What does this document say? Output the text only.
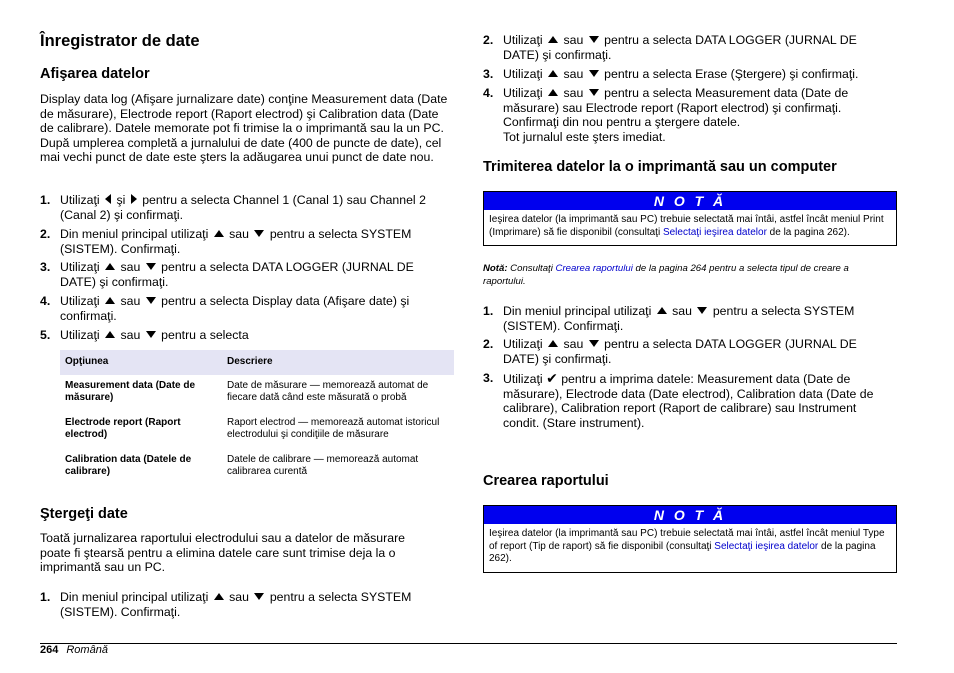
Înregistrator de date
Afişarea datelor

Display data log (Afişare jurnalizare date) conţine Measurement data (Date de măsurare), Electrode report (Raport electrod) şi Calibration data (Date de calibrare). Datele memorate pot fi trimise la o imprimantă sau la un PC. După umplerea completă a jurnalului de date (400 de puncte de date), cel mai vechi punct de date este şters la adăugarea unui punct de date nou.

1. Utilizaţi şi pentru a selecta Channel 1 (Canal 1) sau Channel 2 (Canal 2) şi confirmaţi.
2. Din meniul principal utilizaţi sau pentru a selecta SYSTEM (SISTEM). Confirmaţi.
3. Utilizaţi sau pentru a selecta DATA LOGGER (JURNAL DE DATE) şi confirmaţi.
4. Utilizaţi sau pentru a selecta Display data (Afişare date) şi confirmaţi.
5. Utilizaţi sau pentru a selecta
Opţiunea	Descriere
Measurement data (Date de măsurare)	Date de măsurare — memorează automat de fiecare dată când este măsurată o probă
Electrode report (Raport electrod)	Raport electrod — memorează automat istoricul electrodului şi condiţiile de măsurare
Calibration data (Datele de calibrare)	Datele de calibrare — memorează automat calibrarea curentă
Ştergeţi date

Toată jurnalizarea raportului electrodului sau a datelor de măsurare poate fi ştearsă pentru a elimina datele care sunt trimise deja la o imprimantă sau un PC.

1. Din meniul principal utilizaţi sau pentru a selecta SYSTEM (SISTEM). Confirmaţi.
2. Utilizaţi sau pentru a selecta DATA LOGGER (JURNAL DE DATE) şi confirmaţi.
3. Utilizaţi sau pentru a selecta Erase (Ştergere) şi confirmaţi.
4. Utilizaţi sau pentru a selecta Measurement data (Date de măsurare) sau Electrode report (Raport electrod) şi confirmaţi. Confirmaţi din nou pentru a ştergere datele.
Tot jurnalul este şters imediat.
Trimiterea datelor la o imprimantă sau un computer
N O T Ă
Ieşirea datelor (la imprimantă sau PC) trebuie selectată mai întâi, astfel încât meniul Print (Imprimare) să fie disponibil (consultaţi Selectaţi ieşirea datelor de la pagina 262).
Notă: Consultaţi Crearea raportului de la pagina 264 pentru a selecta tipul de creare a raportului.
1. Din meniul principal utilizaţi sau pentru a selecta SYSTEM (SISTEM). Confirmaţi.
2. Utilizaţi sau pentru a selecta DATA LOGGER (JURNAL DE DATE) şi confirmaţi.
3. Utilizaţi ✔ pentru a imprima datele: Measurement data (Date de măsurare), Electrode data (Date electrod), Calibration data (Date de calibrare), Calibration report (Raport de calibrare) sau Instrument condit. (Stare instrument).
Crearea raportului
N O T Ă
Ieşirea datelor (la imprimantă sau PC) trebuie selectată mai întâi, astfel încât meniul Type of report (Tip de raport) să fie disponibil (consultaţi Selectaţi ieşirea datelor de la pagina 262).
264 Română
